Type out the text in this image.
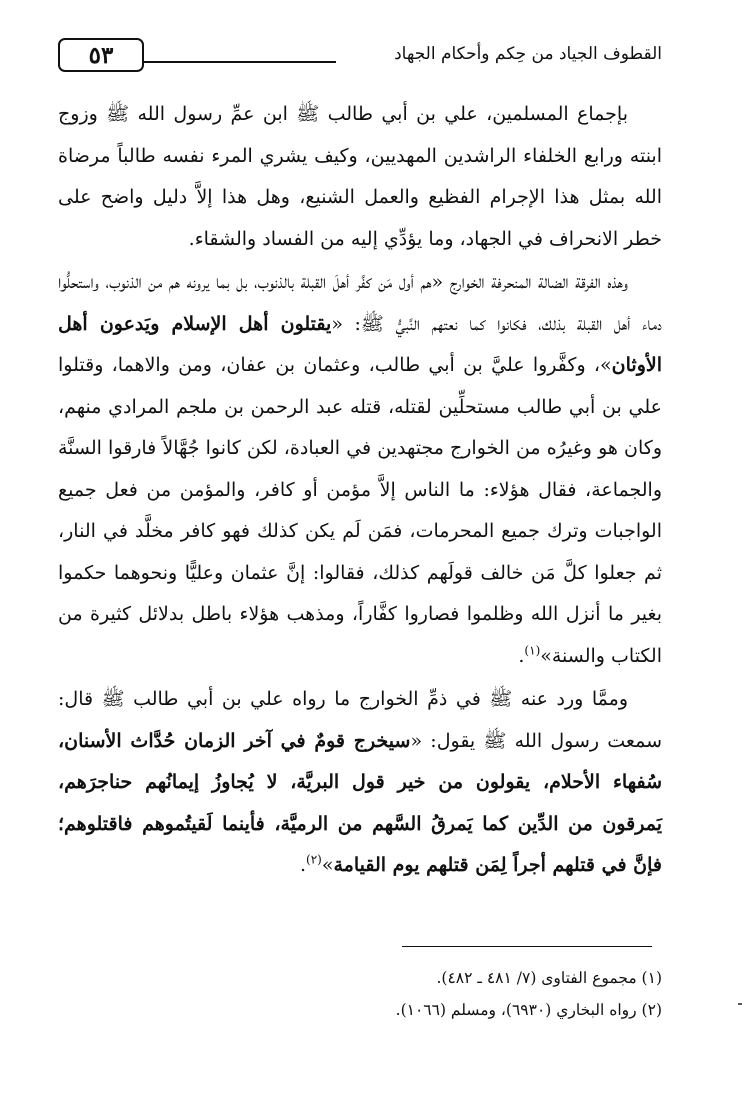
٥٣	القطوف الجياد من حِكم وأحكام الجهاد

بإجماع المسلمين، علي بن أبي طالب ﷺ ابن عمِّ رسول الله ﷺ وزوج ابنته ورابع الخلفاء الراشدين المهديين، وكيف يشري المرء نفسه طالباً مرضاة الله بمثل هذا الإجرام الفظيع والعمل الشنيع، وهل هذا إلاَّ دليل واضح على خطر الانحراف في الجهاد، وما يؤدِّي إليه من الفساد والشقاء.

وهذه الفرقة الضالة المنحرفة الخوارج «هم أول مَن كفَّر أهلَ القبلة بالذنوب، بل بما يرونه هم من الذنوب، واستحلُّوا دماء أهل القبلة بذلك، فكانوا كما نعتهم النَّبيُّ ﷺ: «يقتلون أهل الإسلام ويَدعون أهل الأوثان»، وكفَّروا عليَّ بن أبي طالب، وعثمان بن عفان، ومن والاهما، وقتلوا علي بن أبي طالب مستحلِّين لقتله، قتله عبد الرحمن بن ملجم المرادي منهم، وكان هو وغيرُه من الخوارج مجتهدين في العبادة، لكن كانوا جُهَّالاً فارقوا السنَّة والجماعة، فقال هؤلاء: ما الناس إلاَّ مؤمن أو كافر، والمؤمن من فعل جميع الواجبات وترك جميع المحرمات، فمَن لَم يكن كذلك فهو كافر مخلَّد في النار، ثم جعلوا كلَّ مَن خالف قولَهم كذلك، فقالوا: إنَّ عثمان وعليًّا ونحوهما حكموا بغير ما أنزل الله وظلموا فصاروا كفَّاراً، ومذهب هؤلاء باطل بدلائل كثيرة من الكتاب والسنة»$^{(١)}$.

وممَّا ورد عنه ﷺ في ذمِّ الخوارج ما رواه علي بن أبي طالب ﷺ قال: سمعت رسول الله ﷺ يقول: «سيخرج قومٌ في آخر الزمان حُدَّاث الأسنان، سُفهاء الأحلام، يقولون من خير قول البريَّة، لا يُجاوزُ إيمانُهم حناجرَهم، يَمرقون من الدِّين كما يَمرقُ السَّهم من الرميَّة، فأينما لَقيتُموهم فاقتلوهم؛ فإنَّ في قتلهم أجراً لِمَن قتلهم يوم القيامة»$^{(٢)}$.

(١) مجموع الفتاوى (٧/ ٤٨١ ـ ٤٨٢).
(٢) رواه البخاري (٦٩٣٠)، ومسلم (١٠٦٦).
